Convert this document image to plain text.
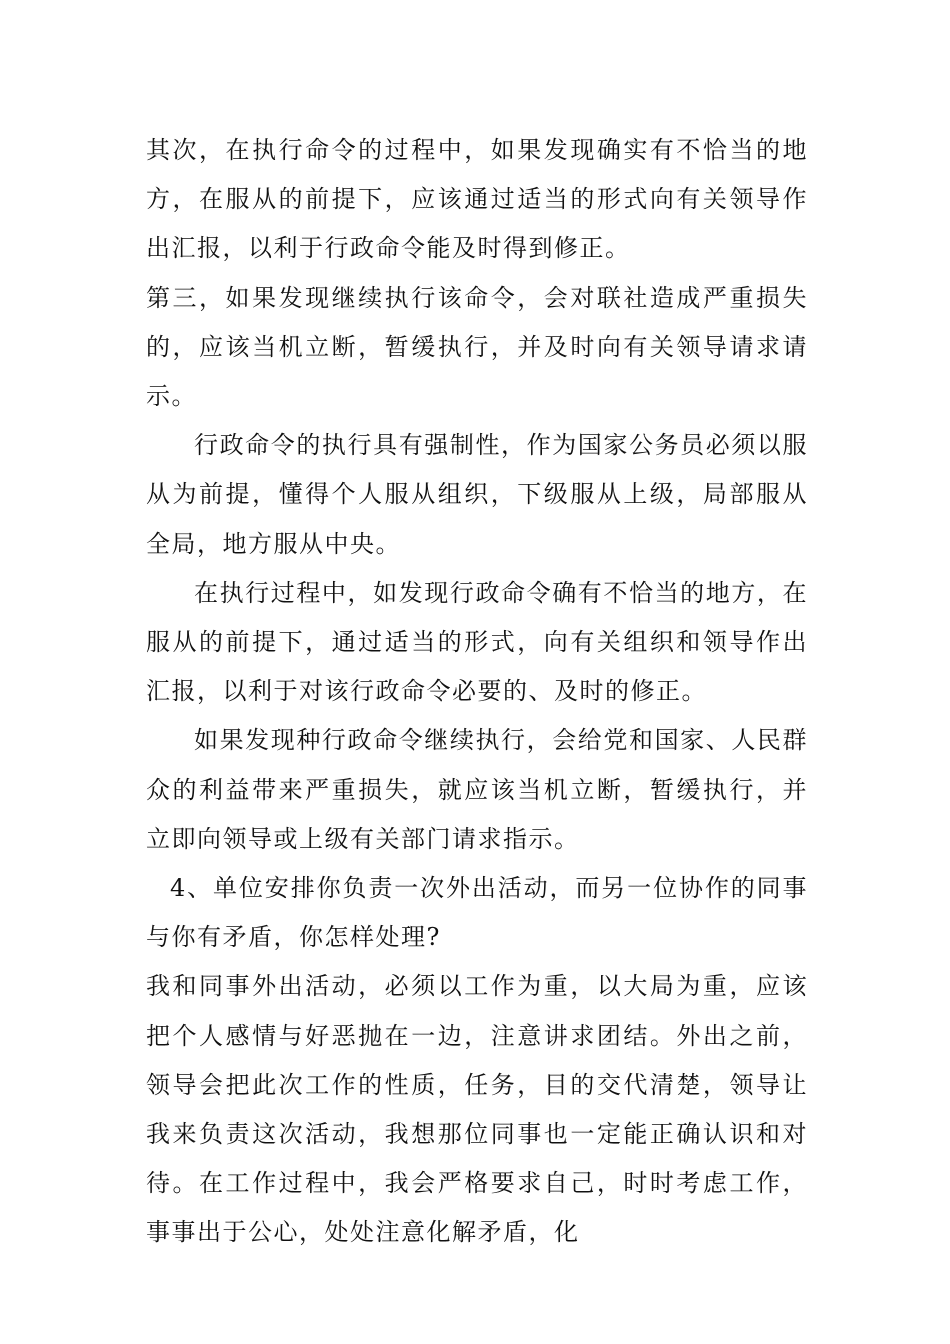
其次，在执行命令的过程中，如果发现确实有不恰当的地方，在服从的前提下，应该通过适当的形式向有关领导作出汇报，以利于行政命令能及时得到修正。

第三，如果发现继续执行该命令，会对联社造成严重损失的，应该当机立断，暂缓执行，并及时向有关领导请求请示。

行政命令的执行具有强制性，作为国家公务员必须以服从为前提，懂得个人服从组织，下级服从上级，局部服从全局，地方服从中央。

在执行过程中，如发现行政命令确有不恰当的地方，在服从的前提下，通过适当的形式，向有关组织和领导作出汇报，以利于对该行政命令必要的、及时的修正。

如果发现种行政命令继续执行，会给党和国家、人民群众的利益带来严重损失，就应该当机立断，暂缓执行，并立即向领导或上级有关部门请求指示。

4、单位安排你负责一次外出活动，而另一位协作的同事与你有矛盾，你怎样处理?

我和同事外出活动，必须以工作为重，以大局为重，应该把个人感情与好恶抛在一边，注意讲求团结。外出之前，领导会把此次工作的性质，任务，目的交代清楚，领导让我来负责这次活动，我想那位同事也一定能正确认识和对待。在工作过程中，我会严格要求自己，时时考虑工作，事事出于公心，处处注意化解矛盾，化
